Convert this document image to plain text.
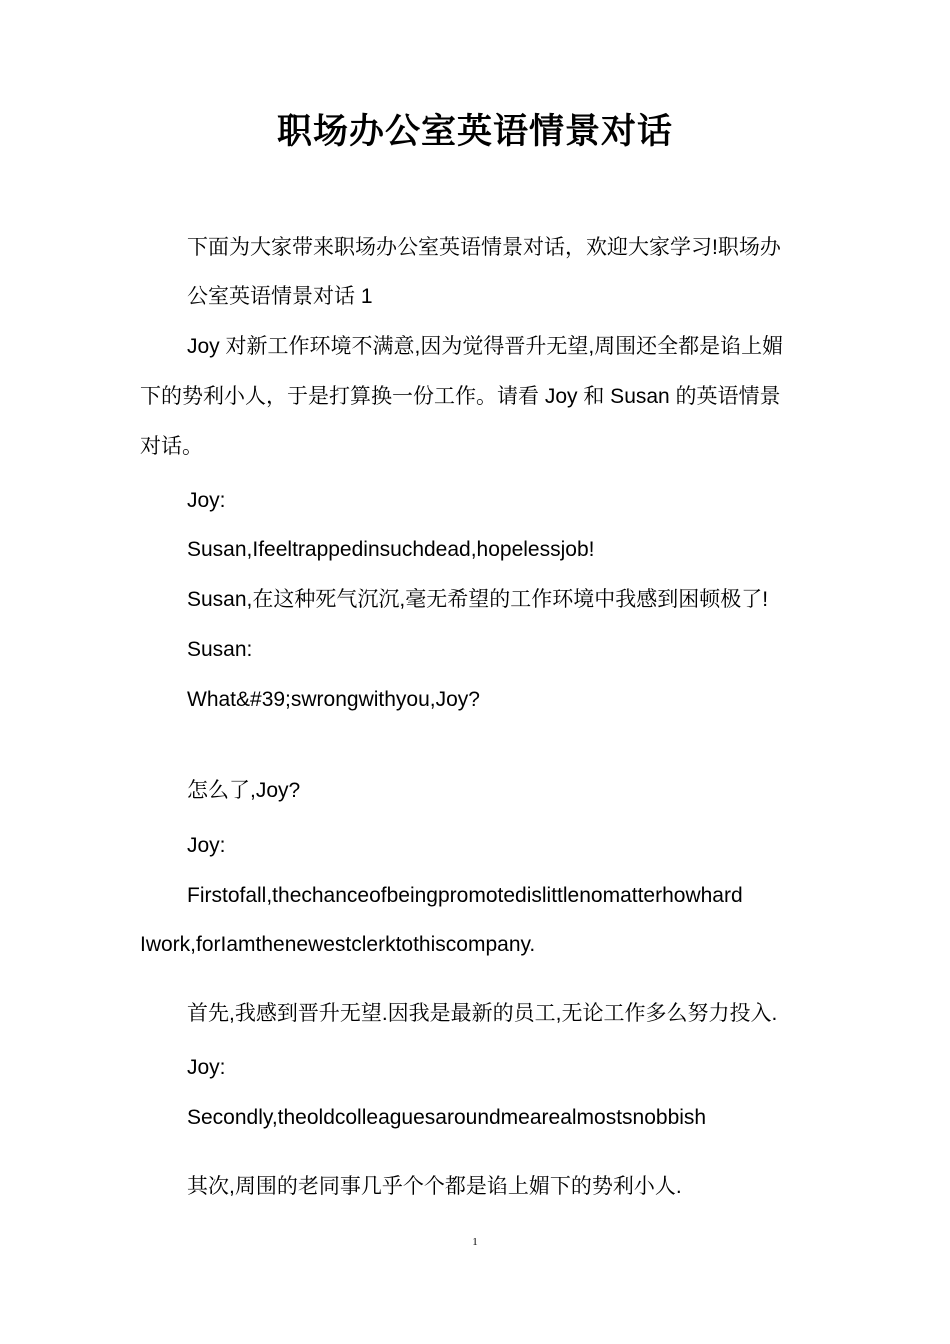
职场办公室英语情景对话
下面为大家带来职场办公室英语情景对话，欢迎大家学习!职场办
公室英语情景对话 1
Joy 对新工作环境不满意,因为觉得晋升无望,周围还全都是谄上媚
下的势利小人，于是打算换一份工作。请看 Joy 和 Susan 的英语情景
对话。
Joy:
Susan,Ifeeltrappedinsuchdead,hopelessjob!
Susan,在这种死气沉沉,毫无希望的工作环境中我感到困顿极了!
Susan:
What&#39;swrongwithyou,Joy?
怎么了,Joy?
Joy:
Firstofall,thechanceofbeingpromotedislittlenomatterhowhard
Iwork,forIamthenewestclerktothiscompany.
首先,我感到晋升无望.因我是最新的员工,无论工作多么努力投入.
Joy:
Secondly,theoldcolleaguesaroundmearealmostsnobbish
其次,周围的老同事几乎个个都是谄上媚下的势利小人.
1
